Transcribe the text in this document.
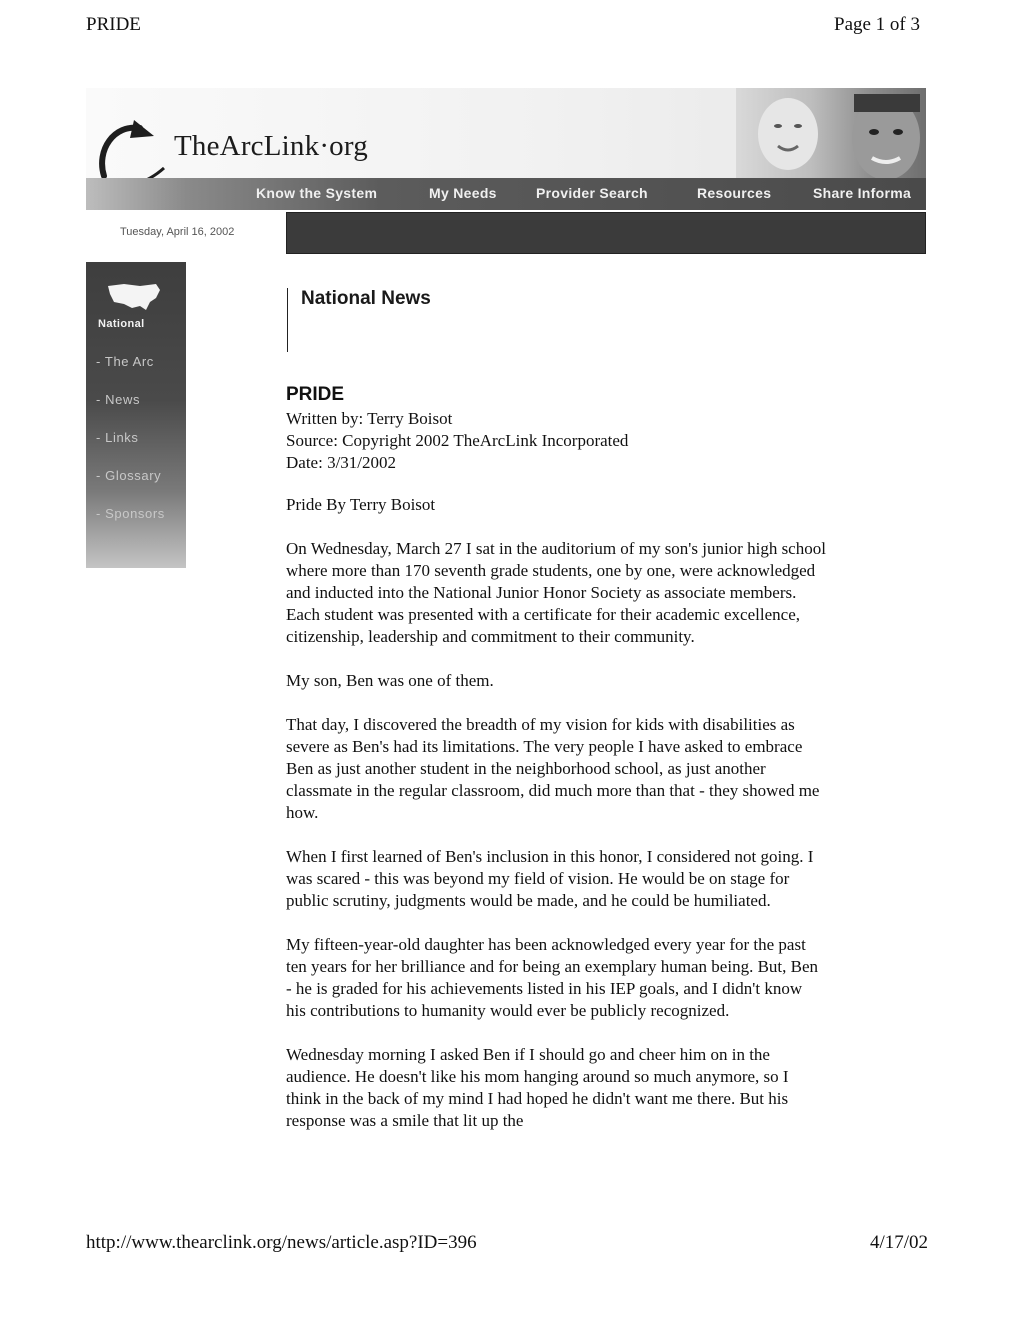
PRIDE	Page 1 of 3
TheArcLink·org
Know the System	My Needs	Provider Search	Resources	Share Informa
Tuesday, April 16, 2002
National
- The Arc
- News
- Links
- Glossary
- Sponsors
National News
PRIDE
Written by: Terry Boisot
Source: Copyright 2002 TheArcLink Incorporated
Date: 3/31/2002

Pride By Terry Boisot

On Wednesday, March 27 I sat in the auditorium of my son's junior high school where more than 170 seventh grade students, one by one, were acknowledged and inducted into the National Junior Honor Society as associate members. Each student was presented with a certificate for their academic excellence, citizenship, leadership and commitment to their community.

My son, Ben was one of them.

That day, I discovered the breadth of my vision for kids with disabilities as severe as Ben's had its limitations. The very people I have asked to embrace Ben as just another student in the neighborhood school, as just another classmate in the regular classroom, did much more than that - they showed me how.

When I first learned of Ben's inclusion in this honor, I considered not going. I was scared - this was beyond my field of vision. He would be on stage for public scrutiny, judgments would be made, and he could be humiliated.

My fifteen-year-old daughter has been acknowledged every year for the past ten years for her brilliance and for being an exemplary human being. But, Ben - he is graded for his achievements listed in his IEP goals, and I didn't know his contributions to humanity would ever be publicly recognized.

Wednesday morning I asked Ben if I should go and cheer him on in the audience. He doesn't like his mom hanging around so much anymore, so I think in the back of my mind I had hoped he didn't want me there. But his response was a smile that lit up the

http://www.thearclink.org/news/article.asp?ID=396	4/17/02
